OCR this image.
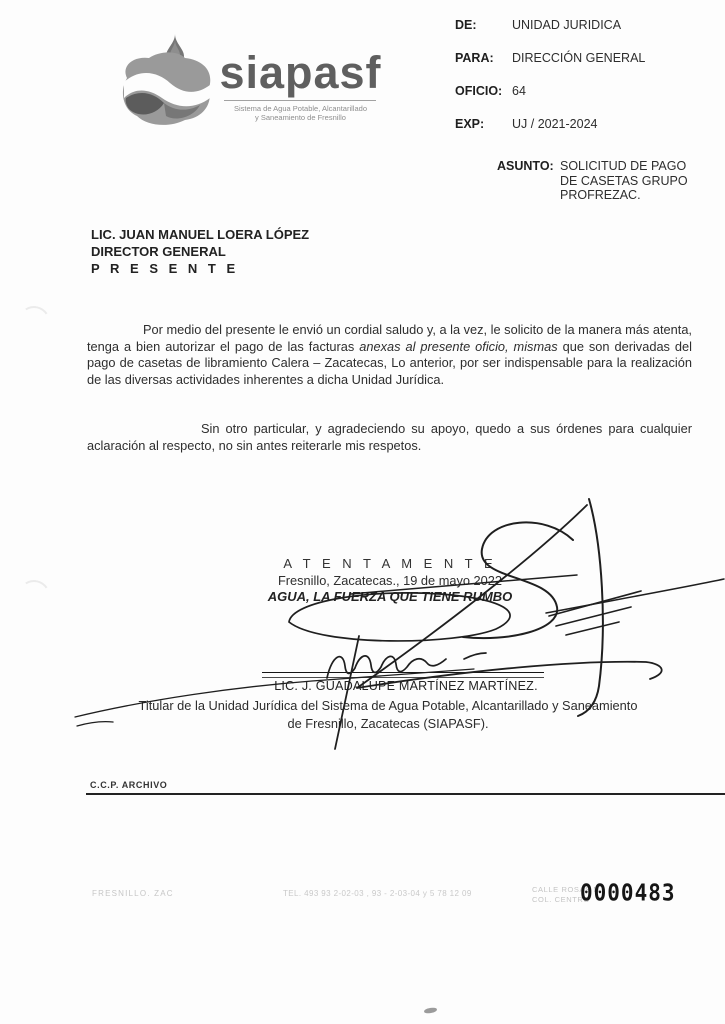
siapasf
Sistema de Agua Potable, Alcantarillado
y Saneamiento de Fresnillo
DE:	UNIDAD JURIDICA
PARA:	DIRECCIÓN GENERAL
OFICIO: 64
EXP:	UJ / 2021-2024
ASUNTO: SOLICITUD DE PAGO DE CASETAS GRUPO PROFREZAC.
LIC. JUAN MANUEL LOERA LÓPEZ
DIRECTOR GENERAL
P R E S E N T E
Por medio del presente le envió un cordial saludo y, a la vez, le solicito de la manera más atenta, tenga a bien autorizar el pago de las facturas anexas al presente oficio, mismas que son derivadas del pago de casetas de libramiento Calera – Zacatecas, Lo anterior, por ser indispensable para la realización de las diversas actividades inherentes a dicha Unidad Jurídica.
Sin otro particular, y agradeciendo su apoyo, quedo a sus órdenes para cualquier aclaración al respecto, no sin antes reiterarle mis respetos.
A T E N T A M E N T E
Fresnillo, Zacatecas., 19 de mayo 2022
AGUA, LA FUERZA QUE TIENE RUMBO
LIC. J. GUADALUPE MARTÍNEZ MARTÍNEZ.
Titular de la Unidad Jurídica del Sistema de Agua Potable, Alcantarillado y Saneamiento
de Fresnillo, Zacatecas (SIAPASF).
C.C.P. ARCHIVO
FRESNILLO. ZAC	TEL. 493 93 2-02-03 , 93 - 2-03-04 y 5 78 12 09	CALLE ROSAS M
COL. CENTRO
0000483
